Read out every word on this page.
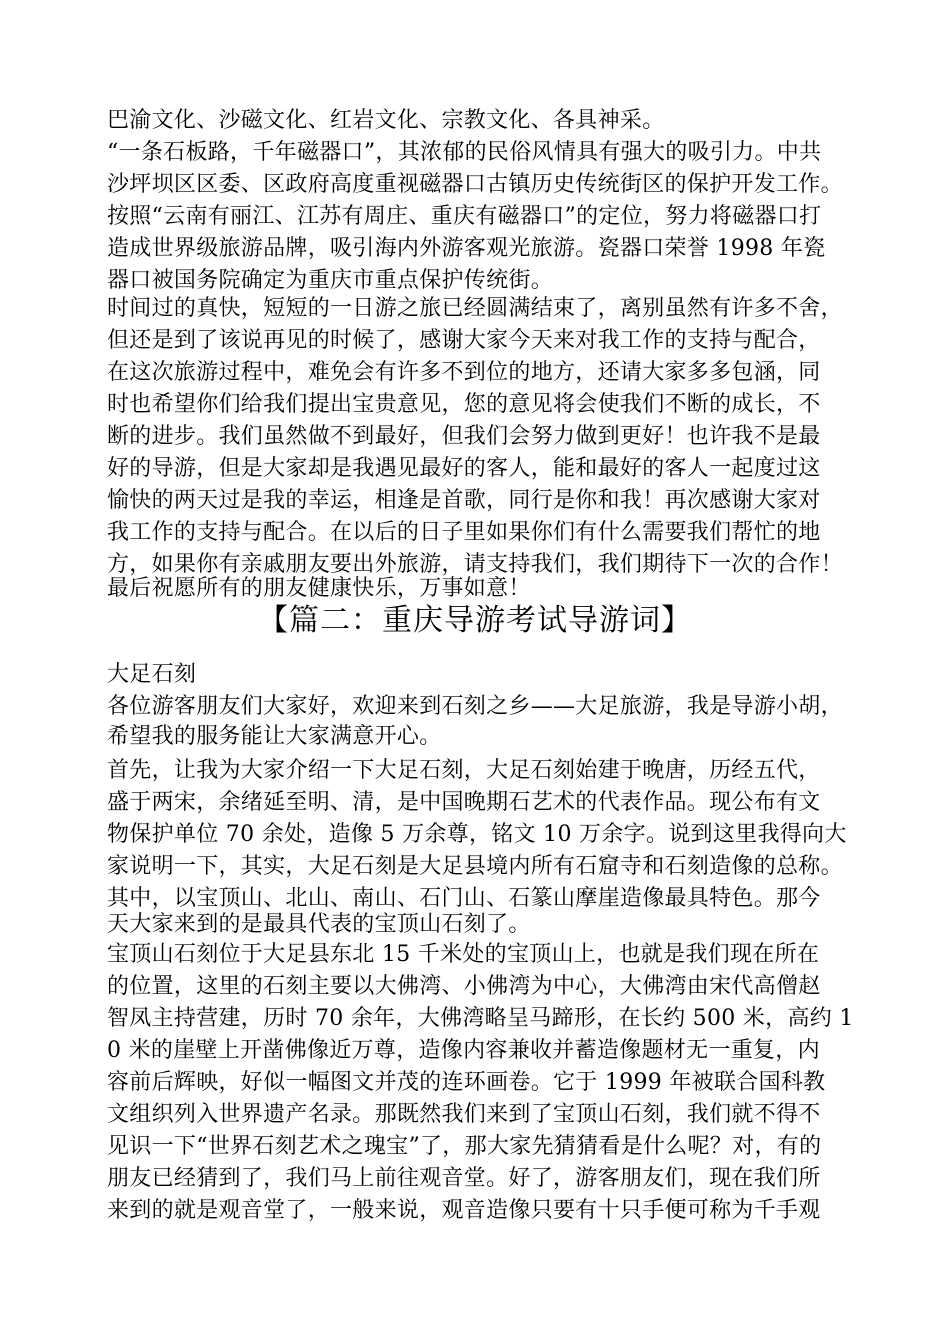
巴渝文化、沙磁文化、红岩文化、宗教文化、各具神采。
“一条石板路，千年磁器口”，其浓郁的民俗风情具有强大的吸引力。中共
沙坪坝区区委、区政府高度重视磁器口古镇历史传统街区的保护开发工作。
按照“云南有丽江、江苏有周庄、重庆有磁器口”的定位，努力将磁器口打
造成世界级旅游品牌，吸引海内外游客观光旅游。瓷器口荣誉 1998 年瓷
器口被国务院确定为重庆市重点保护传统街。
时间过的真快，短短的一日游之旅已经圆满结束了，离别虽然有许多不舍，
但还是到了该说再见的时候了，感谢大家今天来对我工作的支持与配合，
在这次旅游过程中，难免会有许多不到位的地方，还请大家多多包涵，同
时也希望你们给我们提出宝贵意见，您的意见将会使我们不断的成长，不
断的进步。我们虽然做不到最好，但我们会努力做到更好！也许我不是最
好的导游，但是大家却是我遇见最好的客人，能和最好的客人一起度过这
愉快的两天过是我的幸运，相逢是首歌，同行是你和我！再次感谢大家对
我工作的支持与配合。在以后的日子里如果你们有什么需要我们帮忙的地
方，如果你有亲戚朋友要出外旅游，请支持我们，我们期待下一次的合作！
最后祝愿所有的朋友健康快乐，万事如意！
【篇二：重庆导游考试导游词】
大足石刻
各位游客朋友们大家好，欢迎来到石刻之乡——大足旅游，我是导游小胡，
希望我的服务能让大家满意开心。
首先，让我为大家介绍一下大足石刻，大足石刻始建于晚唐，历经五代，
盛于两宋，余绪延至明、清，是中国晚期石艺术的代表作品。现公布有文
物保护单位 70 余处，造像 5 万余尊，铭文 10 万余字。说到这里我得向大
家说明一下，其实，大足石刻是大足县境内所有石窟寺和石刻造像的总称。
其中，以宝顶山、北山、南山、石门山、石篆山摩崖造像最具特色。那今
天大家来到的是最具代表的宝顶山石刻了。
宝顶山石刻位于大足县东北 15 千米处的宝顶山上，也就是我们现在所在
的位置，这里的石刻主要以大佛湾、小佛湾为中心，大佛湾由宋代高僧赵
智凤主持营建，历时 70 余年，大佛湾略呈马蹄形，在长约 500 米，高约 1
0 米的崖壁上开凿佛像近万尊，造像内容兼收并蓄造像题材无一重复，内
容前后辉映，好似一幅图文并茂的连环画卷。它于 1999 年被联合国科教
文组织列入世界遗产名录。那既然我们来到了宝顶山石刻，我们就不得不
见识一下“世界石刻艺术之瑰宝”了，那大家先猜猜看是什么呢？对，有的
朋友已经猜到了，我们马上前往观音堂。好了，游客朋友们，现在我们所
来到的就是观音堂了，一般来说，观音造像只要有十只手便可称为千手观
